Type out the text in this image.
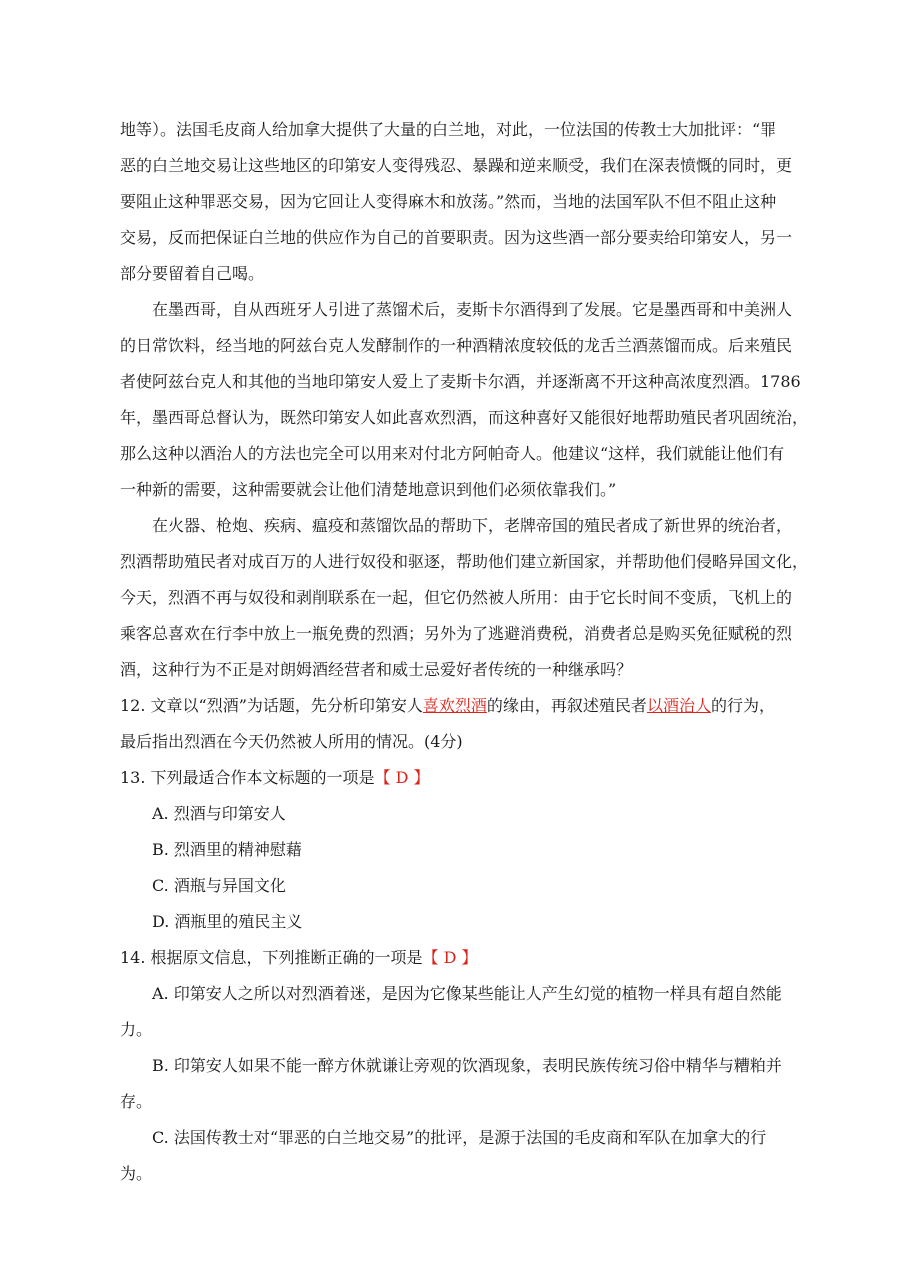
地等）。法国毛皮商人给加拿大提供了大量的白兰地，对此，一位法国的传教士大加批评：“罪
恶的白兰地交易让这些地区的印第安人变得残忍、暴躁和逆来顺受，我们在深表愤慨的同时，更
要阻止这种罪恶交易，因为它回让人变得麻木和放荡。”然而，当地的法国军队不但不阻止这种
交易，反而把保证白兰地的供应作为自己的首要职责。因为这些酒一部分要卖给印第安人，另一
部分要留着自己喝。
在墨西哥，自从西班牙人引进了蒸馏术后，麦斯卡尔酒得到了发展。它是墨西哥和中美洲人
的日常饮料，经当地的阿兹台克人发酵制作的一种酒精浓度较低的龙舌兰酒蒸馏而成。后来殖民
者使阿兹台克人和其他的当地印第安人爱上了麦斯卡尔酒，并逐渐离不开这种高浓度烈酒。1786
年，墨西哥总督认为，既然印第安人如此喜欢烈酒，而这种喜好又能很好地帮助殖民者巩固统治，
那么这种以酒治人的方法也完全可以用来对付北方阿帕奇人。他建议“这样，我们就能让他们有
一种新的需要，这种需要就会让他们清楚地意识到他们必须依靠我们。”
在火器、枪炮、疾病、瘟疫和蒸馏饮品的帮助下，老牌帝国的殖民者成了新世界的统治者，
烈酒帮助殖民者对成百万的人进行奴役和驱逐，帮助他们建立新国家，并帮助他们侵略异国文化，
今天，烈酒不再与奴役和剥削联系在一起，但它仍然被人所用：由于它长时间不变质，飞机上的
乘客总喜欢在行李中放上一瓶免费的烈酒；另外为了逃避消费税，消费者总是购买免征赋税的烈
酒，这种行为不正是对朗姆酒经营者和威士忌爱好者传统的一种继承吗？
12. 文章以“烈酒”为话题，先分析印第安人喜欢烈酒的缘由，再叙述殖民者以酒治人的行为，
最后指出烈酒在今天仍然被人所用的情况。(4分)
13. 下列最适合作本文标题的一项是【 D 】
A. 烈酒与印第安人
B. 烈酒里的精神慰藉
C. 酒瓶与异国文化
D. 酒瓶里的殖民主义
14. 根据原文信息，下列推断正确的一项是【 D 】
A. 印第安人之所以对烈酒着迷，是因为它像某些能让人产生幻觉的植物一样具有超自然能
力。
B. 印第安人如果不能一醉方休就谦让旁观的饮酒现象，表明民族传统习俗中精华与糟粕并
存。
C. 法国传教士对“罪恶的白兰地交易”的批评，是源于法国的毛皮商和军队在加拿大的行
为。
